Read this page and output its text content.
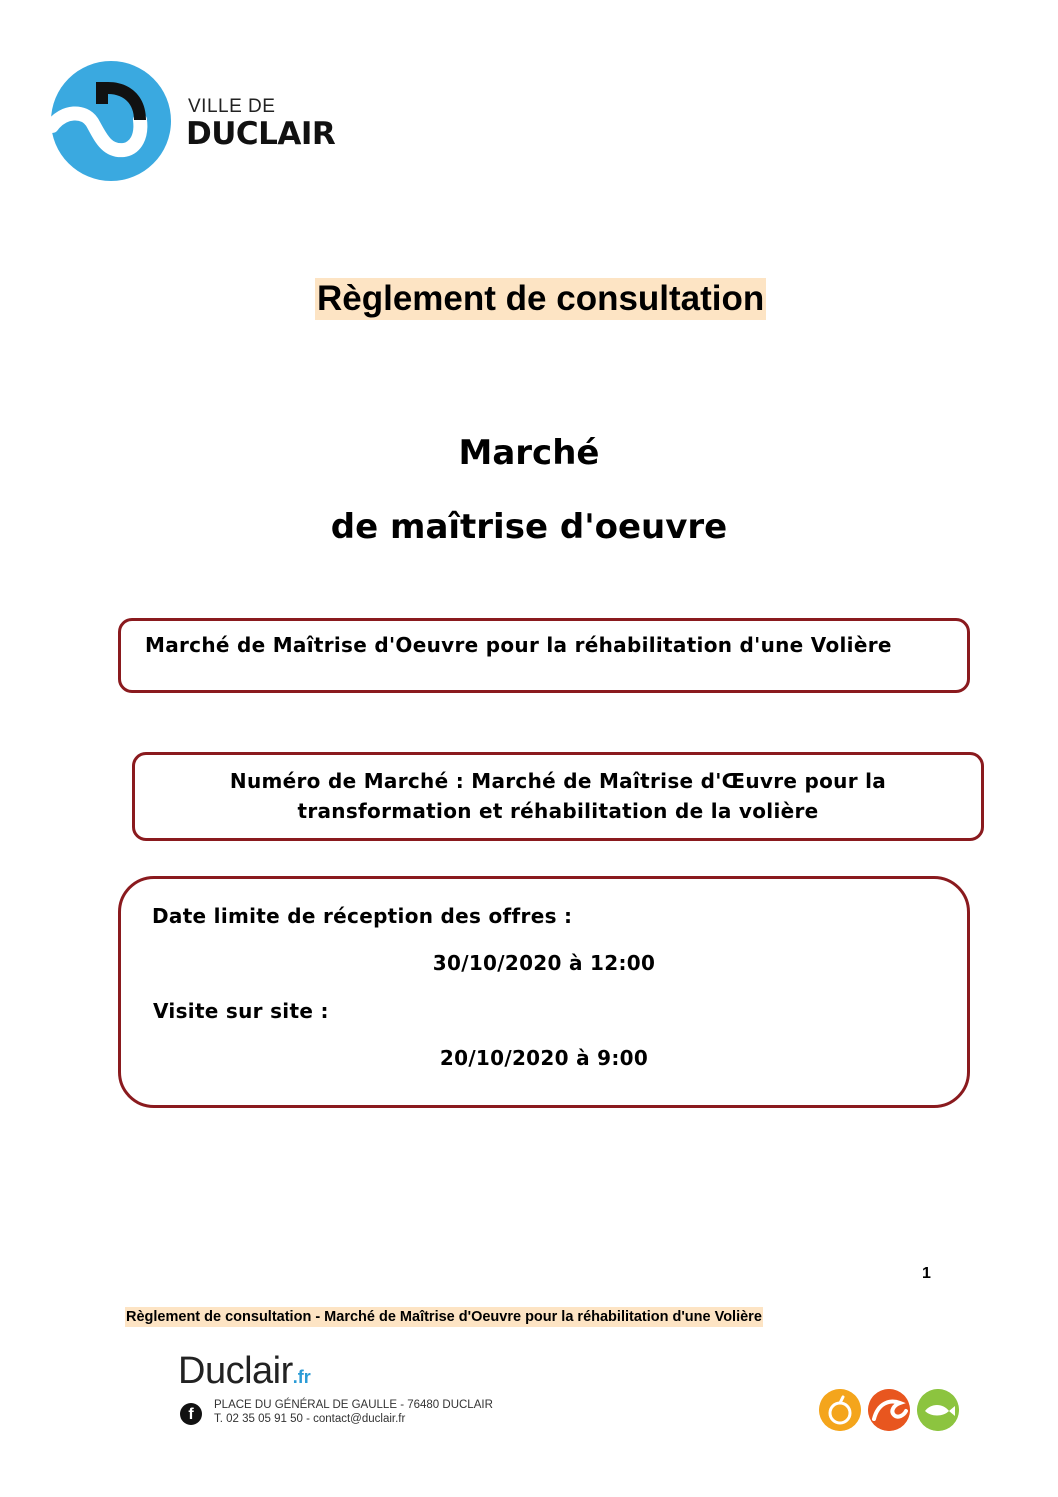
VILLE DE
DUCLAIR
Règlement de consultation
Marché
de maîtrise d'oeuvre
Marché de Maîtrise d'Oeuvre pour la réhabilitation d'une Volière
Numéro de Marché : Marché de Maîtrise d'Œuvre pour la
transformation et réhabilitation de la volière
Date limite de réception des offres :
30/10/2020 à 12:00
Visite sur site :
20/10/2020 à 9:00
1
Règlement de consultation - Marché de Maîtrise d'Oeuvre pour la réhabilitation d'une Volière
Duclair.fr
f
PLACE DU GÉNÉRAL DE GAULLE - 76480 DUCLAIR
T. 02 35 05 91 50 - contact@duclair.fr
